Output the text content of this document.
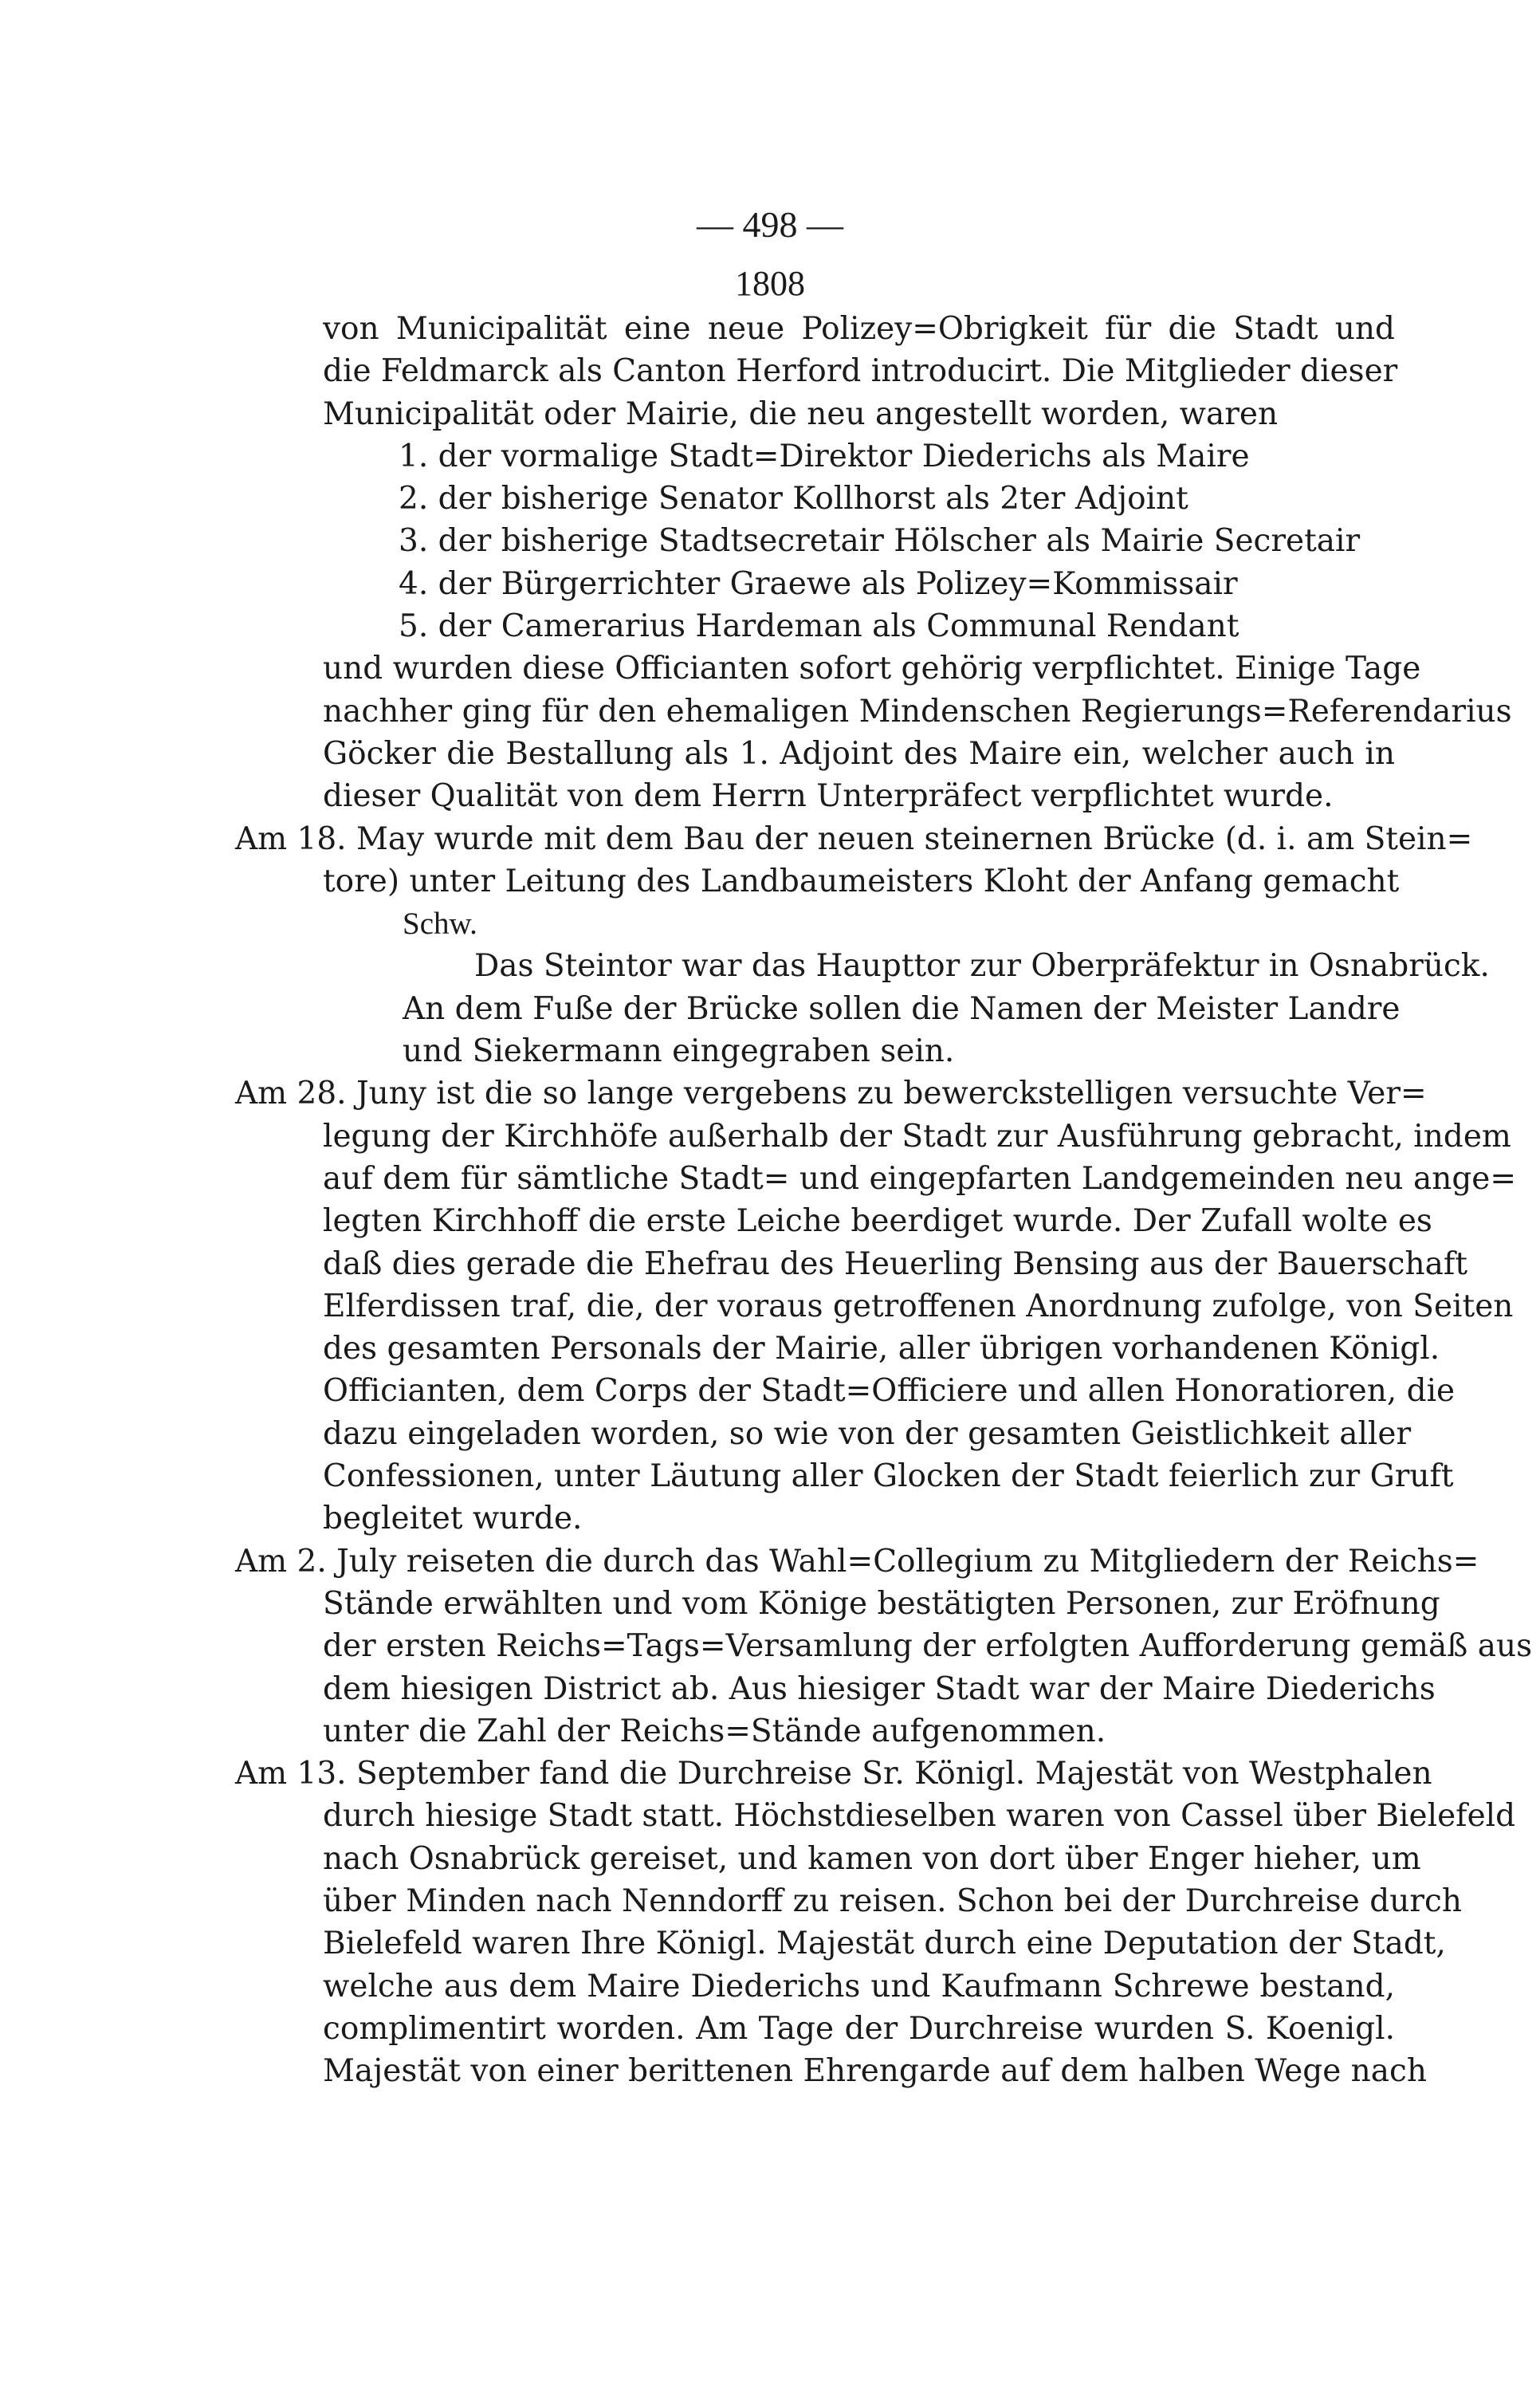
— 498 —
1808
von Municipalität eine neue Polizey=Obrigkeit für die Stadt und
die Feldmarck als Canton Herford introducirt. Die Mitglieder dieser
Municipalität oder Mairie, die neu angestellt worden, waren
1. der vormalige Stadt=Direktor Diederichs als Maire
2. der bisherige Senator Kollhorst als 2ter Adjoint
3. der bisherige Stadtsecretair Hölscher als Mairie Secretair
4. der Bürgerrichter Graewe als Polizey=Kommissair
5. der Camerarius Hardeman als Communal Rendant
und wurden diese Officianten sofort gehörig verpflichtet. Einige Tage
nachher ging für den ehemaligen Mindenschen Regierungs=Referendarius
Göcker die Bestallung als 1. Adjoint des Maire ein, welcher auch in
dieser Qualität von dem Herrn Unterpräfect verpflichtet wurde.
Am 18. May wurde mit dem Bau der neuen steinernen Brücke (d. i. am Stein=
tore) unter Leitung des Landbaumeisters Kloht der Anfang gemacht
Schw.
Das Steintor war das Haupttor zur Oberpräfektur in Osnabrück.
An dem Fuße der Brücke sollen die Namen der Meister Landre
und Siekermann eingegraben sein.
Am 28. Juny ist die so lange vergebens zu bewerckstelligen versuchte Ver=
legung der Kirchhöfe außerhalb der Stadt zur Ausführung gebracht, indem
auf dem für sämtliche Stadt= und eingepfarten Landgemeinden neu ange=
legten Kirchhoff die erste Leiche beerdiget wurde. Der Zufall wolte es
daß dies gerade die Ehefrau des Heuerling Bensing aus der Bauerschaft
Elferdissen traf, die, der voraus getroffenen Anordnung zufolge, von Seiten
des gesamten Personals der Mairie, aller übrigen vorhandenen Königl.
Officianten, dem Corps der Stadt=Officiere und allen Honoratioren, die
dazu eingeladen worden, so wie von der gesamten Geistlichkeit aller
Confessionen, unter Läutung aller Glocken der Stadt feierlich zur Gruft
begleitet wurde.
Am 2. July reiseten die durch das Wahl=Collegium zu Mitgliedern der Reichs=
Stände erwählten und vom Könige bestätigten Personen, zur Eröfnung
der ersten Reichs=Tags=Versamlung der erfolgten Aufforderung gemäß aus
dem hiesigen District ab. Aus hiesiger Stadt war der Maire Diederichs
unter die Zahl der Reichs=Stände aufgenommen.
Am 13. September fand die Durchreise Sr. Königl. Majestät von Westphalen
durch hiesige Stadt statt. Höchstdieselben waren von Cassel über Bielefeld
nach Osnabrück gereiset, und kamen von dort über Enger hieher, um
über Minden nach Nenndorff zu reisen. Schon bei der Durchreise durch
Bielefeld waren Ihre Königl. Majestät durch eine Deputation der Stadt,
welche aus dem Maire Diederichs und Kaufmann Schrewe bestand,
complimentirt worden. Am Tage der Durchreise wurden S. Koenigl.
Majestät von einer berittenen Ehrengarde auf dem halben Wege nach
